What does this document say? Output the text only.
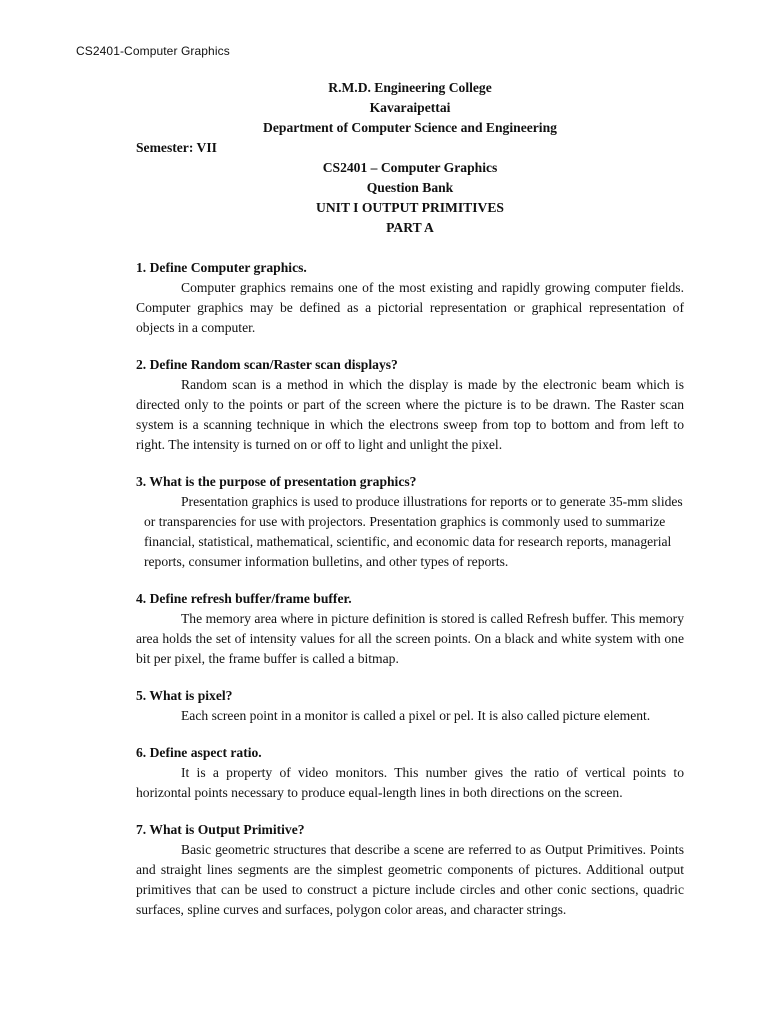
CS2401-Computer Graphics
R.M.D. Engineering College
Kavaraipettai
Department of Computer Science and Engineering
Semester: VII
CS2401 – Computer Graphics
Question Bank
UNIT I OUTPUT PRIMITIVES
PART A
1. Define Computer graphics.
Computer graphics remains one of the most existing and rapidly growing computer fields. Computer graphics may be defined as a pictorial representation or graphical representation of objects in a computer.
2. Define Random scan/Raster scan displays?
Random scan is a method in which the display is made by the electronic beam which is directed only to the points or part of the screen where the picture is to be drawn. The Raster scan system is a scanning technique in which the electrons sweep from top to bottom and from left to right. The intensity is turned on or off to light and unlight the pixel.
3. What is the purpose of presentation graphics?
Presentation graphics is used to produce illustrations for reports or to generate 35-mm slides or transparencies for use with projectors. Presentation graphics is commonly used to summarize financial, statistical, mathematical, scientific, and economic data for research reports, managerial reports, consumer information bulletins, and other types of reports.
4. Define refresh buffer/frame buffer.
The memory area where in picture definition is stored is called Refresh buffer. This memory area holds the set of intensity values for all the screen points. On a black and white system with one bit per pixel, the frame buffer is called a bitmap.
5. What is pixel?
Each screen point in a monitor is called a pixel or pel. It is also called picture element.
6. Define aspect ratio.
It is a property of video monitors. This number gives the ratio of vertical points to horizontal points necessary to produce equal-length lines in both directions on the screen.
7. What is Output Primitive?
Basic geometric structures that describe a scene are referred to as Output Primitives. Points and straight lines segments are the simplest geometric components of pictures. Additional output primitives that can be used to construct a picture include circles and other conic sections, quadric surfaces, spline curves and surfaces, polygon color areas, and character strings.
